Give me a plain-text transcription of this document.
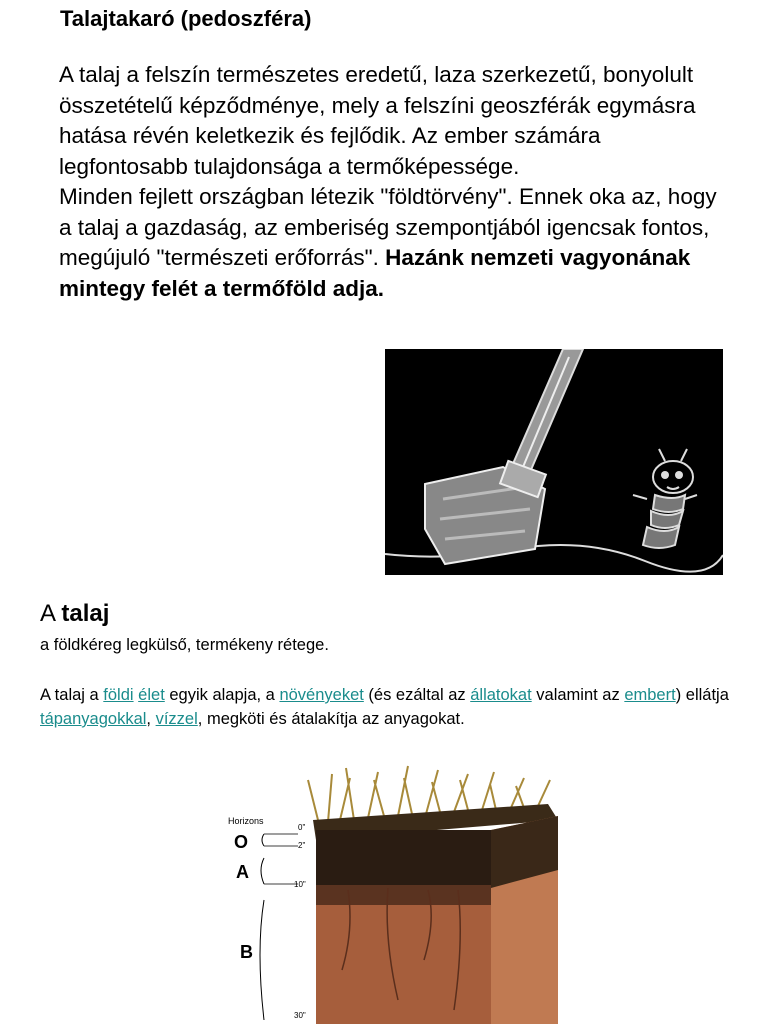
Talajtakaró (pedoszféra)

A talaj a felszín természetes eredetű, laza szerkezetű, bonyolult összetételű képződménye, mely a felszíni geoszférák egymásra hatása révén keletkezik és fejlődik. Az ember számára legfontosabb tulajdonsága a termőképessége.

Minden fejlett országban létezik "földtörvény". Ennek oka az, hogy a talaj a gazdaság, az emberiség szempontjából igencsak fontos, megújuló "természeti erőforrás". Hazánk nemzeti vagyonának mintegy felét a termőföld adja.

A talaj
a földkéreg legkülső, termékeny rétege.
A talaj a földi élet egyik alapja, a növényeket (és ezáltal az állatokat valamint az embert) ellátja tápanyagokkal, vízzel, megköti és átalakítja az anyagokat.
Horizons
O
A
B
0"
2"
10"
30"
